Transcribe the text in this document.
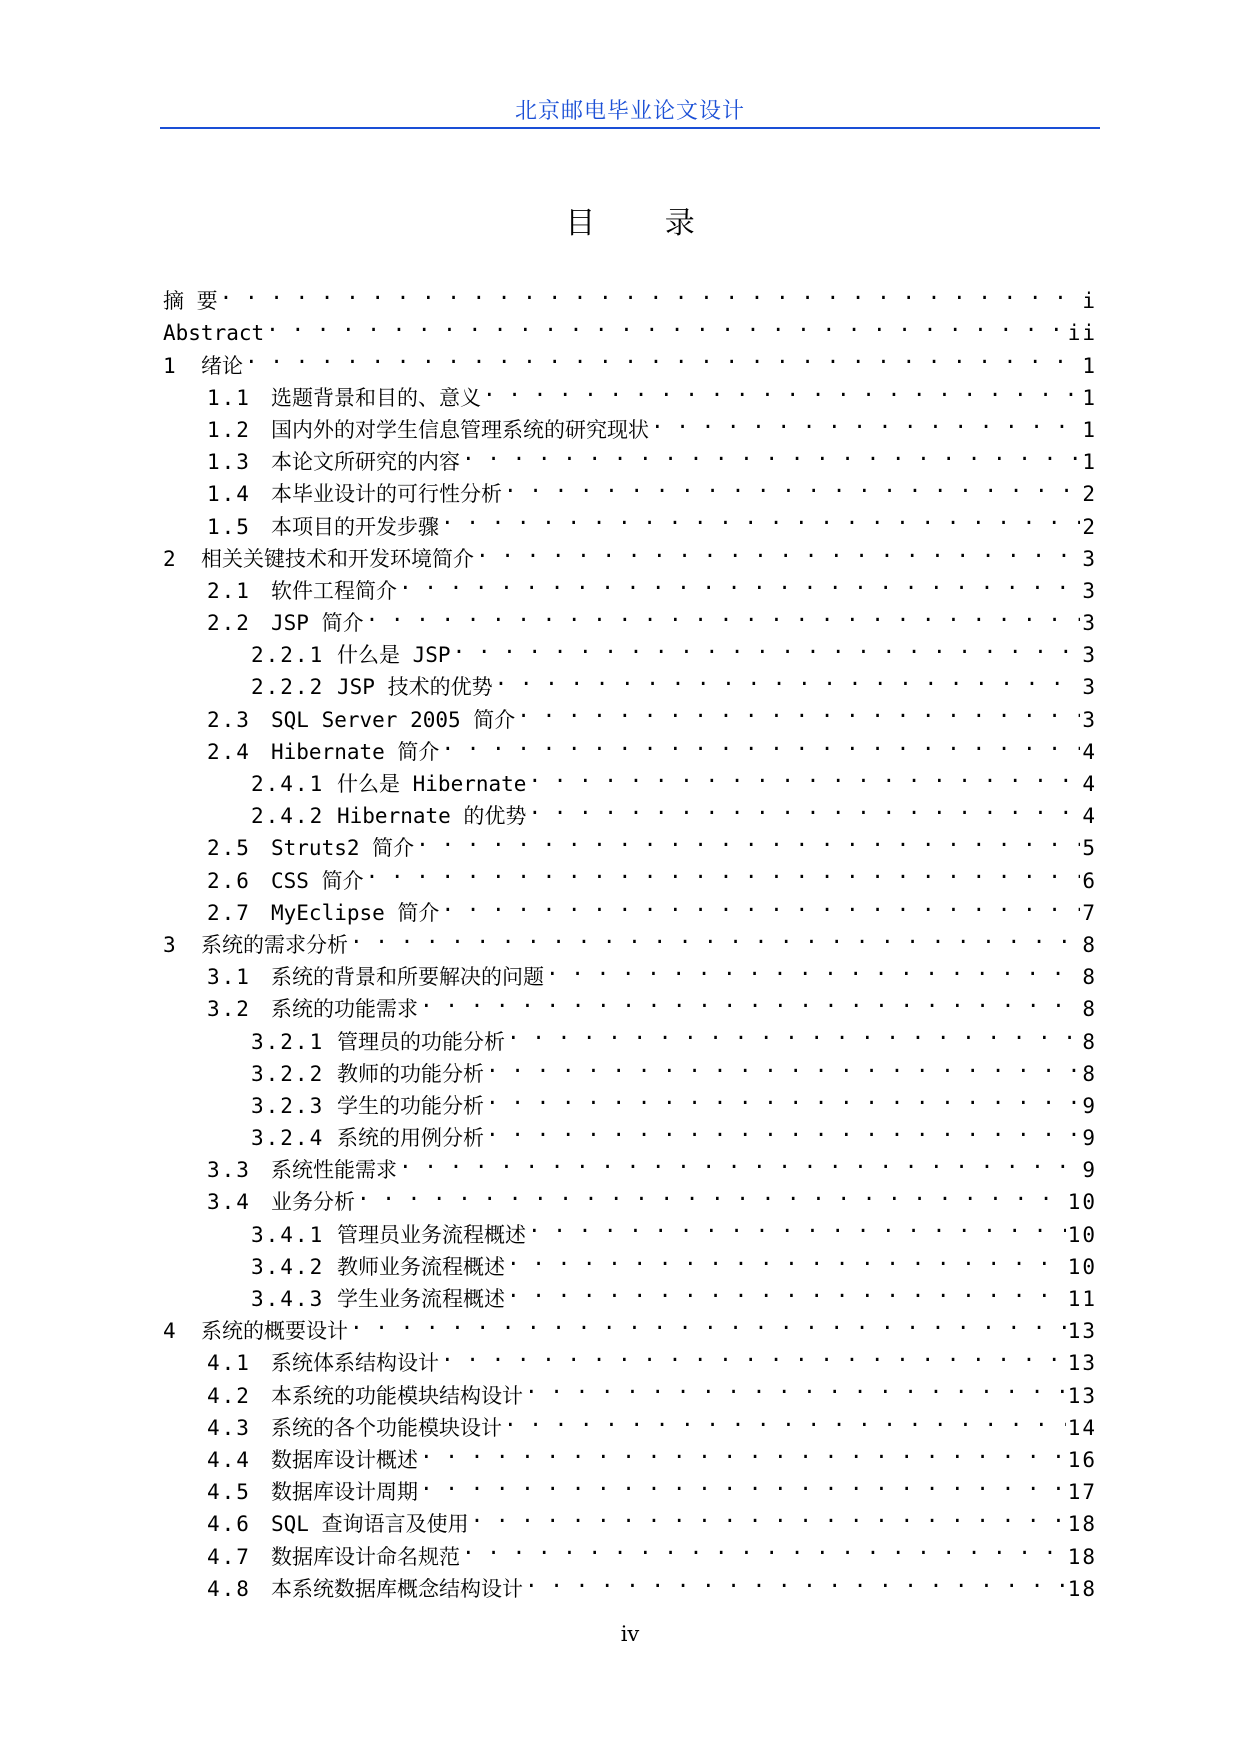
北京邮电毕业论文设计
目 录
摘 要 . . .	i
Abstract . . .	ii
1	绪论 . . .	1
1.1 选题背景和目的、意义 . . .	1
1.2 国内外的对学生信息管理系统的研究现状 . . .	1
1.3 本论文所研究的内容 . . .	1
1.4 本毕业设计的可行性分析 . . .	2
1.5 本项目的开发步骤 . . .	2
2	相关关键技术和开发环境简介 . . .	3
2.1 软件工程简介 . . .	3
2.2 JSP 简介 . . .	3
2.2.1 什么是 JSP . . .	3
2.2.2 JSP 技术的优势 . . .	3
2.3 SQL Server 2005 简介 . . .	3
2.4 Hibernate 简介 . . .	4
2.4.1 什么是 Hibernate . . .	4
2.4.2 Hibernate 的优势 . . .	4
2.5 Struts2 简介 . . .	5
2.6 CSS 简介 . . .	6
2.7 MyEclipse 简介 . . .	7
3	系统的需求分析 . . .	8
3.1 系统的背景和所要解决的问题 . . .	8
3.2 系统的功能需求 . . .	8
3.2.1 管理员的功能分析 . . .	8
3.2.2 教师的功能分析 . . .	8
3.2.3 学生的功能分析 . . .	9
3.2.4 系统的用例分析 . . .	9
3.3 系统性能需求 . . .	9
3.4 业务分析 . . .	10
3.4.1 管理员业务流程概述 . . .	10
3.4.2 教师业务流程概述 . . .	10
3.4.3 学生业务流程概述 . . .	11
4	系统的概要设计 . . .	13
4.1 系统体系结构设计 . . .	13
4.2 本系统的功能模块结构设计 . . .	13
4.3 系统的各个功能模块设计 . . .	14
4.4 数据库设计概述 . . .	16
4.5 数据库设计周期 . . .	17
4.6 SQL 查询语言及使用 . . .	18
4.7 数据库设计命名规范 . . .	18
4.8 本系统数据库概念结构设计 . . .	18
iv
